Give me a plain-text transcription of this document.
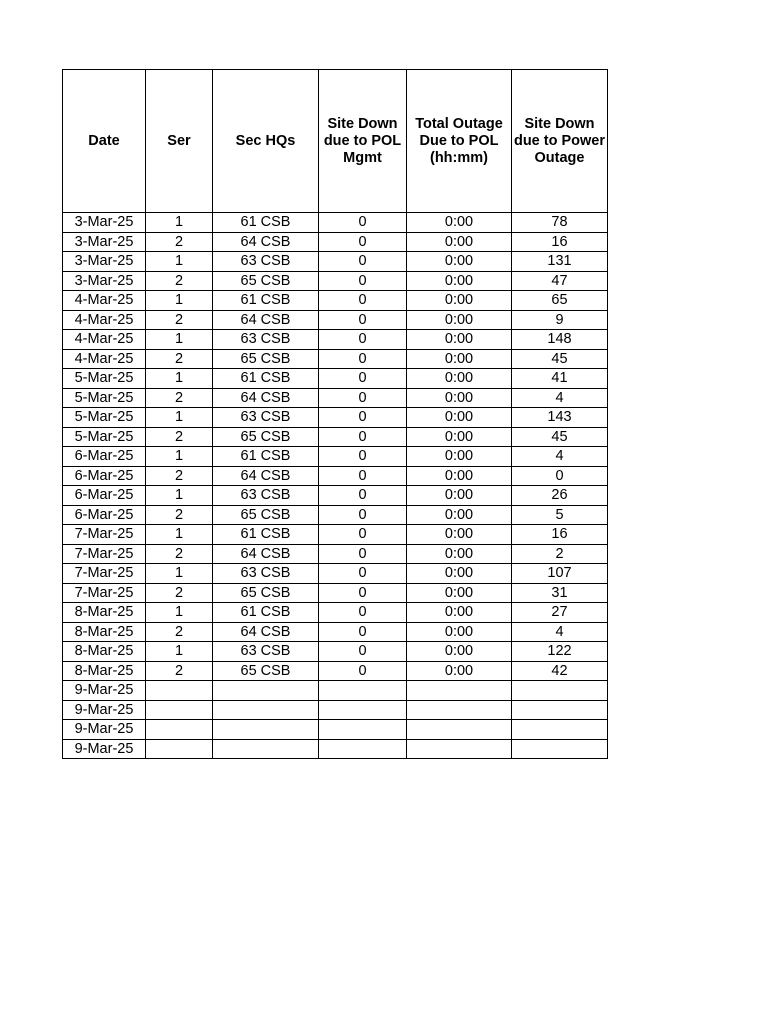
Date	Ser	Sec HQs	Site Down due to POL Mgmt	Total Outage Due to POL (hh:mm)	Site Down due to Power Outage
3-Mar-25	1	61 CSB	0	0:00	78
3-Mar-25	2	64 CSB	0	0:00	16
3-Mar-25	1	63 CSB	0	0:00	131
3-Mar-25	2	65 CSB	0	0:00	47
4-Mar-25	1	61 CSB	0	0:00	65
4-Mar-25	2	64 CSB	0	0:00	9
4-Mar-25	1	63 CSB	0	0:00	148
4-Mar-25	2	65 CSB	0	0:00	45
5-Mar-25	1	61 CSB	0	0:00	41
5-Mar-25	2	64 CSB	0	0:00	4
5-Mar-25	1	63 CSB	0	0:00	143
5-Mar-25	2	65 CSB	0	0:00	45
6-Mar-25	1	61 CSB	0	0:00	4
6-Mar-25	2	64 CSB	0	0:00	0
6-Mar-25	1	63 CSB	0	0:00	26
6-Mar-25	2	65 CSB	0	0:00	5
7-Mar-25	1	61 CSB	0	0:00	16
7-Mar-25	2	64 CSB	0	0:00	2
7-Mar-25	1	63 CSB	0	0:00	107
7-Mar-25	2	65 CSB	0	0:00	31
8-Mar-25	1	61 CSB	0	0:00	27
8-Mar-25	2	64 CSB	0	0:00	4
8-Mar-25	1	63 CSB	0	0:00	122
8-Mar-25	2	65 CSB	0	0:00	42
9-Mar-25					
9-Mar-25					
9-Mar-25					
9-Mar-25					
